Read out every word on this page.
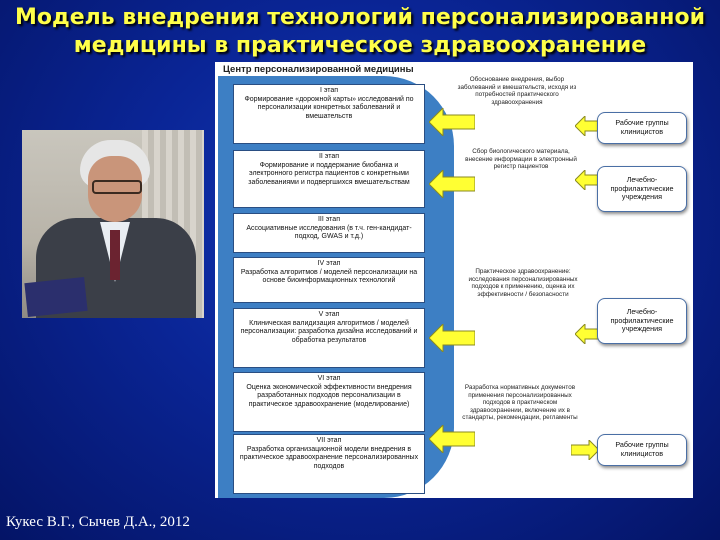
Модель внедрения технологий персонализированной медицины в практическое здравоохранение
Центр персонализированной медицины
I этап
Формирование «дорожной карты» исследований по персонализации конкретных заболеваний и вмешательств
II этап
Формирование и поддержание биобанка и электронного регистра пациентов с конкретными заболеваниями и подвергшихся вмешательствам
III этап
Ассоциативные исследования (в т.ч. ген-кандидат- подход, GWAS и т.д.)
IV этап
Разработка алгоритмов / моделей персонализации на основе биоинформационных технологий
V этап
Клиническая валидизация алгоритмов / моделей персонализации: разработка дизайна исследований и обработка результатов
VI этап
Оценка экономической эффективности внедрения разработанных подходов персонализации в практическое здравоохранение (моделирование)
VII этап
Разработка организационной модели внедрения в практическое здравоохранение персонализированных подходов
Обоснование внедрения, выбор заболеваний и вмешательств, исходя из потребностей практического здравоохранения
Сбор биологического материала, внесение информации в электронный регистр пациентов
Практическое здравоохранение: исследования персонализированных подходов к применению, оценка их эффективности / безопасности
Разработка нормативных документов применения персонализированных подходов в практическом здравоохранении, включение их в стандарты, рекомендации, регламенты
Рабочие группы клиницистов
Лечебно-профилактические учреждения
Лечебно-профилактические учреждения
Рабочие группы клиницистов
Кукес В.Г., Сычев Д.А., 2012
